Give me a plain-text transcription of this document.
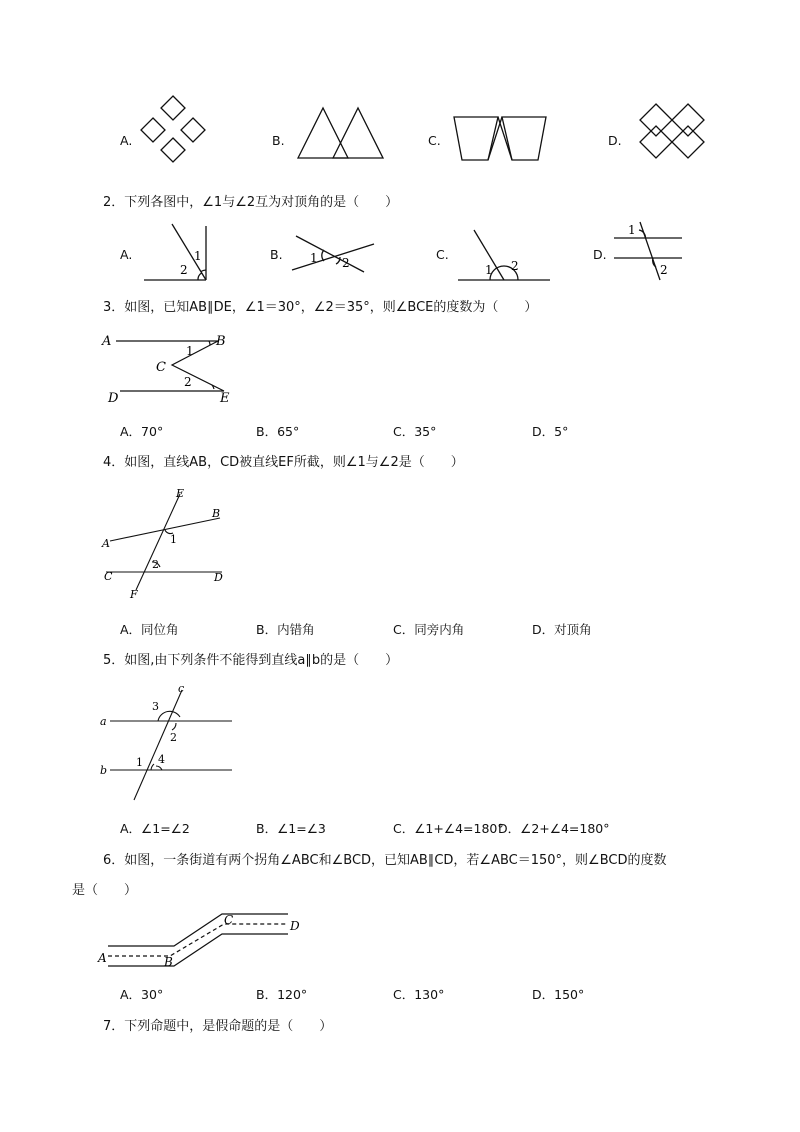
A.	B.	C.	D.
2．下列各图中，∠1与∠2互为对顶角的是（　　）
A.	1
2
B. 1 2
C.
1 2
D.
1
2
3．如图，已知AB∥DE，∠1＝30°，∠2＝35°，则∠BCE的度数为（　　）
A	B
C
D	E
1
2
A．70°	B．65°	C．35°	D．5°
4．如图，直线AB，CD被直线EF所截，则∠1与∠2是（　　）
E
B
A
C	D
F
1
2
A．同位角	B．内错角	C．同旁内角	D．对顶角
5．如图,由下列条件不能得到直线a∥b的是（　　）
a
b
c
3
2
1 4
A．∠1=∠2	B．∠1=∠3	C．∠1+∠4=180°
D．∠2+∠4=180°
6．如图，一条街道有两个拐角∠ABC和∠BCD，已知AB∥CD，若∠ABC＝150°，则∠BCD的度数
是（　　）
A	B
C	D
A．30°	B．120°	C．130°	D．150°
7．下列命题中，是假命题的是（　　）
